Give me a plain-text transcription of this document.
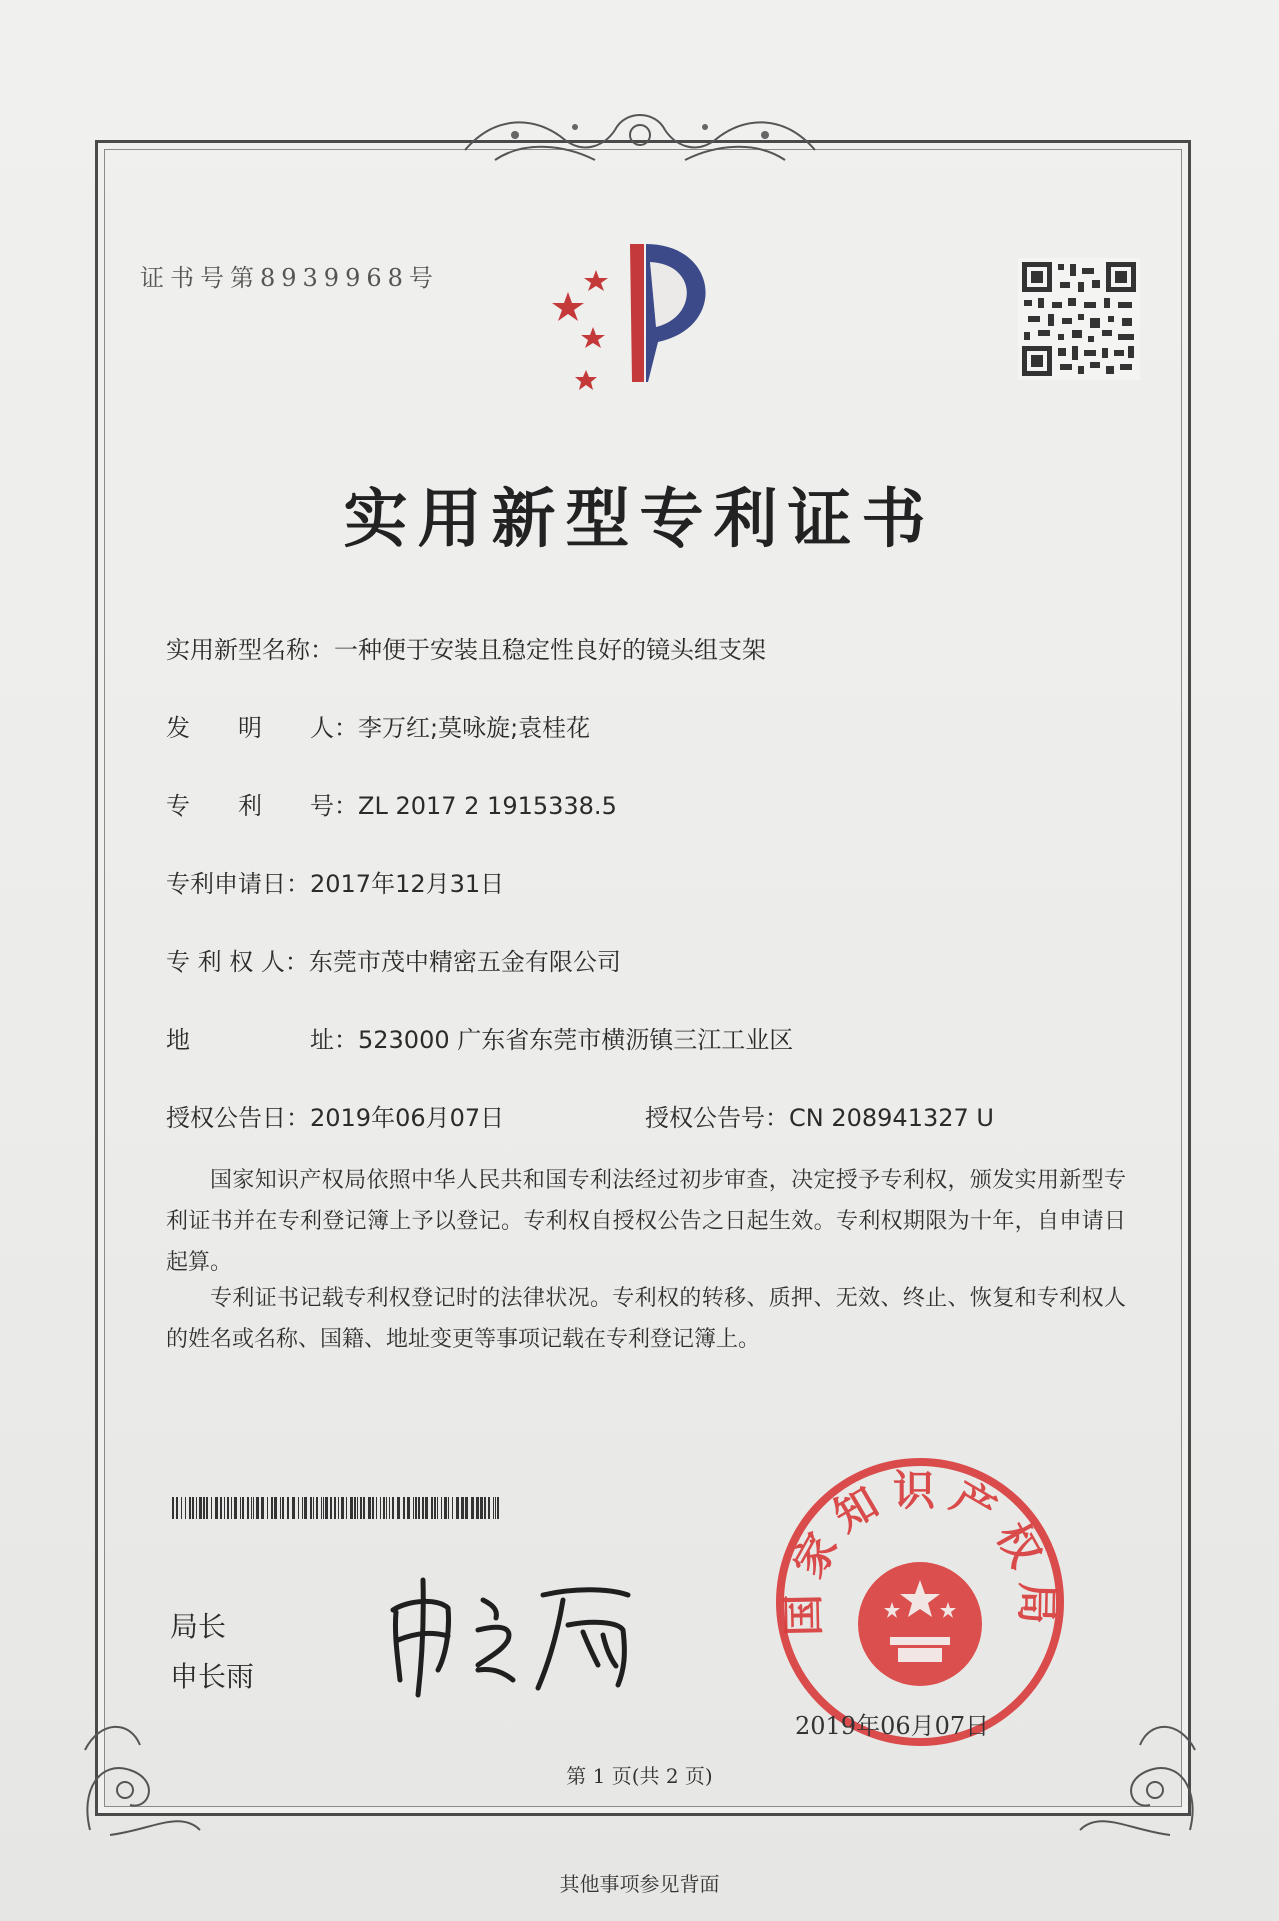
证书号第8939968号
实用新型专利证书
实用新型名称：一种便于安装且稳定性良好的镜头组支架
发　　明　　人：李万红;莫咏旋;袁桂花
专　　利　　号：ZL 2017 2 1915338.5
专利申请日：2017年12月31日
专 利 权 人：东莞市茂中精密五金有限公司
地　　　　　址：523000 广东省东莞市横沥镇三江工业区
授权公告日：2019年06月07日	授权公告号：CN 208941327 U

国家知识产权局依照中华人民共和国专利法经过初步审查，决定授予专利权，颁发实用新型专利证书并在专利登记簿上予以登记。专利权自授权公告之日起生效。专利权期限为十年，自申请日起算。

专利证书记载专利权登记时的法律状况。专利权的转移、质押、无效、终止、恢复和专利权人的姓名或名称、国籍、地址变更等事项记载在专利登记簿上。

局长
申长雨
国家知识产权局
2019年06月07日
第 1 页(共 2 页)
其他事项参见背面
